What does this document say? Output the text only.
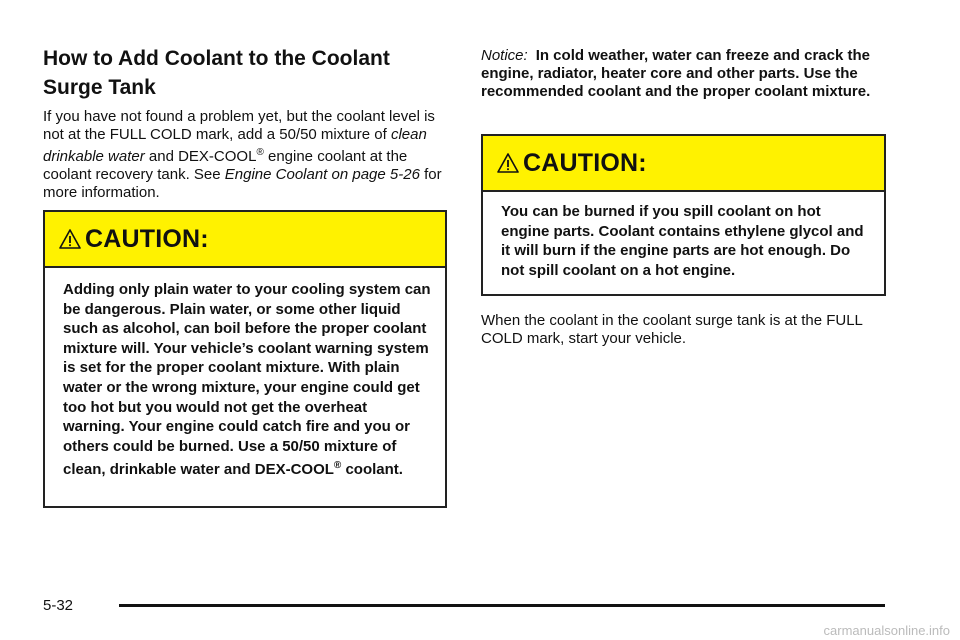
How to Add Coolant to the Coolant Surge Tank

If you have not found a problem yet, but the coolant level is not at the FULL COLD mark, add a 50/50 mixture of clean drinkable water and DEX-COOL® engine coolant at the coolant recovery tank. See Engine Coolant on page 5-26 for more information.

CAUTION:
Adding only plain water to your cooling system can be dangerous. Plain water, or some other liquid such as alcohol, can boil before the proper coolant mixture will. Your vehicle’s coolant warning system is set for the proper coolant mixture. With plain water or the wrong mixture, your engine could get too hot but you would not get the overheat warning. Your engine could catch fire and you or others could be burned. Use a 50/50 mixture of clean, drinkable water and DEX-COOL® coolant.

Notice: In cold weather, water can freeze and crack the engine, radiator, heater core and other parts. Use the recommended coolant and the proper coolant mixture.

CAUTION:
You can be burned if you spill coolant on hot engine parts. Coolant contains ethylene glycol and it will burn if the engine parts are hot enough. Do not spill coolant on a hot engine.

When the coolant in the coolant surge tank is at the FULL COLD mark, start your vehicle.

5-32
carmanualsonline.info
